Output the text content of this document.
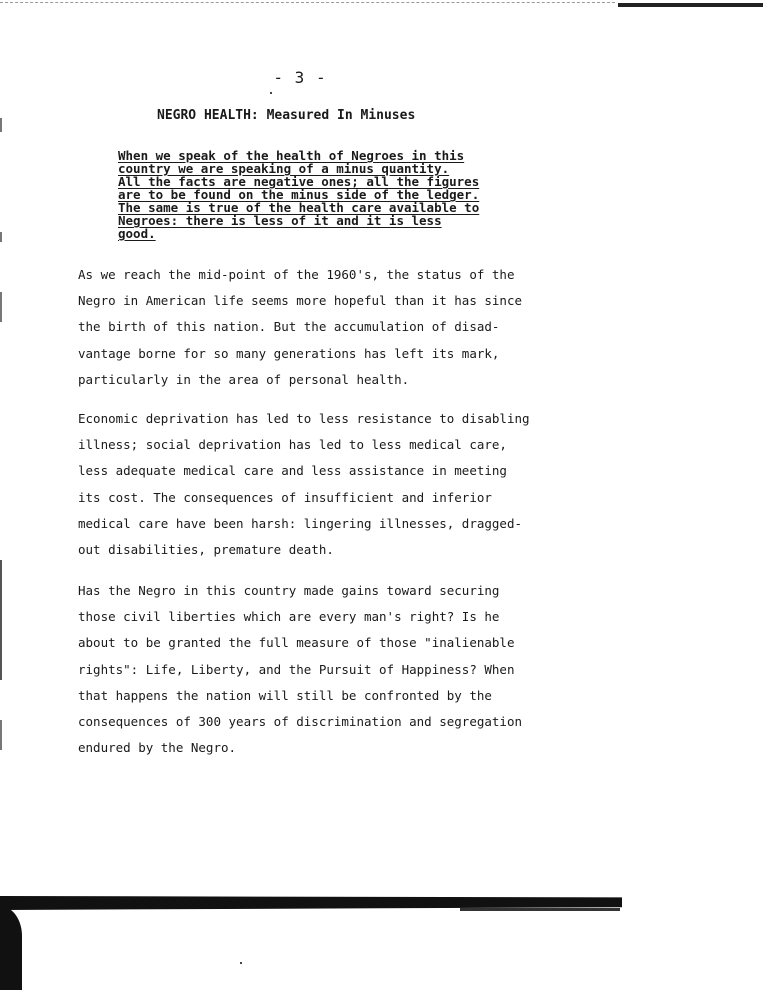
- 3 -
NEGRO HEALTH: Measured In Minuses
When we speak of the health of Negroes in this
country we are speaking of a minus quantity.
All the facts are negative ones; all the figures
are to be found on the minus side of the ledger.
The same is true of the health care available to
Negroes: there is less of it and it is less
good.
As we reach the mid-point of the 1960's, the status of the
Negro in American life seems more hopeful than it has since
the birth of this nation. But the accumulation of disad-
vantage borne for so many generations has left its mark,
particularly in the area of personal health.
Economic deprivation has led to less resistance to disabling
illness; social deprivation has led to less medical care,
less adequate medical care and less assistance in meeting
its cost. The consequences of insufficient and inferior
medical care have been harsh: lingering illnesses, dragged-
out disabilities, premature death.
Has the Negro in this country made gains toward securing
those civil liberties which are every man's right? Is he
about to be granted the full measure of those "inalienable
rights": Life, Liberty, and the Pursuit of Happiness? When
that happens the nation will still be confronted by the
consequences of 300 years of discrimination and segregation
endured by the Negro.
